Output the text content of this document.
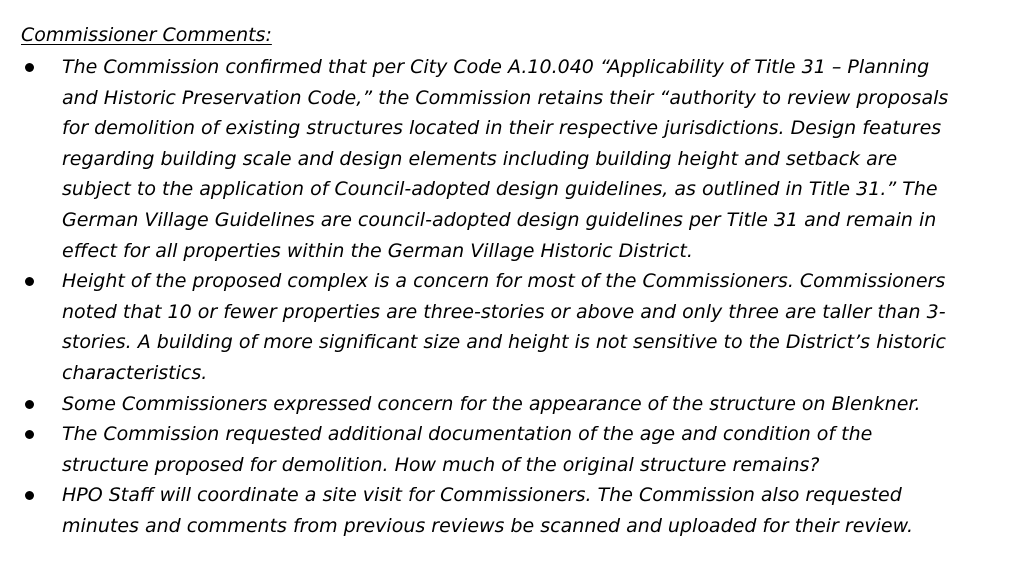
Commissioner Comments:
The Commission confirmed that per City Code A.10.040 “Applicability of Title 31 – Planning
and Historic Preservation Code,” the Commission retains their “authority to review proposals
for demolition of existing structures located in their respective jurisdictions. Design features
regarding building scale and design elements including building height and setback are
subject to the application of Council-adopted design guidelines, as outlined in Title 31.” The
German Village Guidelines are council-adopted design guidelines per Title 31 and remain in
effect for all properties within the German Village Historic District.
Height of the proposed complex is a concern for most of the Commissioners. Commissioners
noted that 10 or fewer properties are three-stories or above and only three are taller than 3-
stories. A building of more significant size and height is not sensitive to the District’s historic
characteristics.
Some Commissioners expressed concern for the appearance of the structure on Blenkner.
The Commission requested additional documentation of the age and condition of the
structure proposed for demolition. How much of the original structure remains?
HPO Staff will coordinate a site visit for Commissioners. The Commission also requested
minutes and comments from previous reviews be scanned and uploaded for their review.
